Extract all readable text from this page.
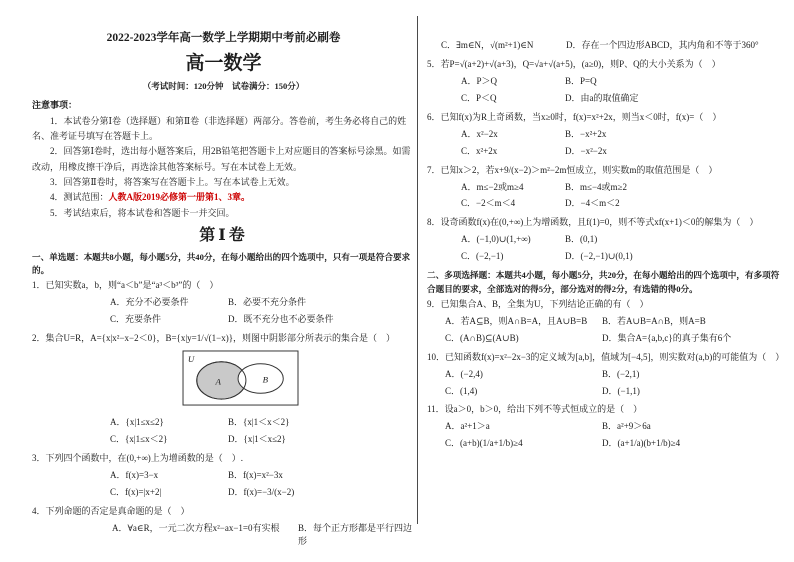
2022-2023学年高一数学上学期期中考前必刷卷
高一数学
（考试时间：120分钟　试卷满分：150分）
注意事项：
1．本试卷分第Ⅰ卷（选择题）和第Ⅱ卷（非选择题）两部分。答卷前，考生务必将自己的姓名、准考证号填写在答题卡上。
2．回答第Ⅰ卷时，选出每小题答案后，用2B铅笔把答题卡上对应题目的答案标号涂黑。如需改动，用橡皮擦干净后，再选涂其他答案标号。写在本试卷上无效。
3．回答第Ⅱ卷时，将答案写在答题卡上。写在本试卷上无效。
4．测试范围：人教A版2019必修第一册第1、3章。
5．考试结束后，将本试卷和答题卡一并交回。
第Ⅰ卷
一、单选题：本题共8小题，每小题5分，共40分，在每小题给出的四个选项中，只有一项是符合要求的。
1．已知实数a，b，则“a＜b”是“a³＜b³”的（　）
A．充分不必要条件	B．必要不充分条件
C．充要条件	D．既不充分也不必要条件
2．集合U=R，A={x|x²−x−2＜0}，B={x|y=1/√(1−x)}，则图中阴影部分所表示的集合是（　）
U
A	B
A．{x|1≤x≤2}	B．{x|1＜x＜2}
C．{x|1≤x＜2}	D．{x|1＜x≤2}
3．下列四个函数中，在(0,+∞)上为增函数的是（　）.
A．f(x)=3−x	B．f(x)=x²−3x
C．f(x)=|x+2|	D．f(x)=−3/(x−2)
4．下列命题的否定是真命题的是（　）
A．∀a∈R，一元二次方程x²−ax−1=0有实根	B．每个正方形都是平行四边形
C．∃m∈N，√(m²+1)∈N	D．存在一个四边形ABCD，其内角和不等于360°
5．若P=√(a+2)+√(a+3)，Q=√a+√(a+5)，(a≥0)，则P、Q的大小关系为（　）
A．P＞Q	B．P=Q
C．P＜Q	D．由a的取值确定
6．已知f(x)为R上奇函数，当x≥0时，f(x)=x²+2x，则当x＜0时，f(x)=（　）
A．x²−2x	B．−x²+2x
C．x²+2x	D．−x²−2x
7．已知x＞2，若x+9/(x−2)＞m²−2m恒成立，则实数m的取值范围是（　）
A．m≤−2或m≥4	B．m≤−4或m≥2
C．−2＜m＜4	D．−4＜m＜2
8．设奇函数f(x)在(0,+∞)上为增函数，且f(1)=0，则不等式xf(x+1)＜0的解集为（　）
A．(−1,0)∪(1,+∞)	B．(0,1)
C．(−2,−1)	D．(−2,−1)∪(0,1)
二、多项选择题：本题共4小题，每小题5分，共20分，在每小题给出的四个选项中，有多项符合题目的要求，全部选对的得5分，部分选对的得2分，有选错的得0分。
9．已知集合A、B，全集为U，下列结论正确的有（　）
A．若A⊆B，则A∩B=A，且A∪B=B	B．若A∪B=A∩B，则A=B
C．(A∩B)⊆(A∪B)	D．集合A={a,b,c}的真子集有6个
10．已知函数f(x)=x²−2x−3的定义域为[a,b]，值域为[−4,5]，则实数对(a,b)的可能值为（　）
A．(−2,4)	B．(−2,1)
C．(1,4)	D．(−1,1)
11．设a＞0，b＞0，给出下列不等式恒成立的是（　）
A．a²+1＞a	B．a²+9＞6a
C．(a+b)(1/a+1/b)≥4	D．(a+1/a)(b+1/b)≥4
